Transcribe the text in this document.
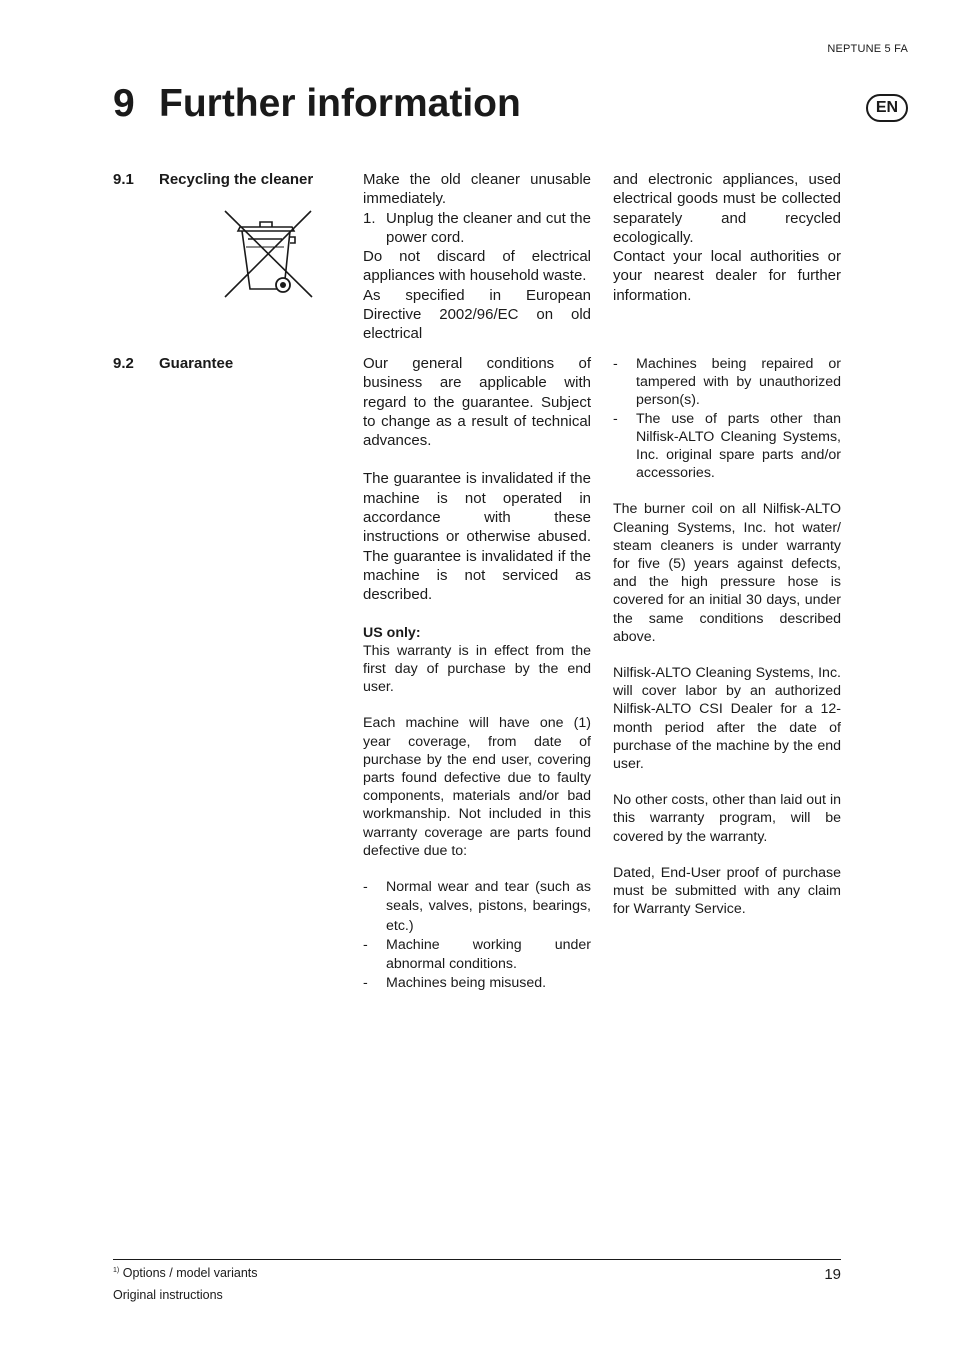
NEPTUNE 5 FA
9 Further information	EN
9.1 Recycling the cleaner	Make the old cleaner unusable immediately.

1. Unplug the cleaner and cut the power cord.

Do not discard of electrical appliances with household waste.

As specified in European Directive 2002/96/EC on old electrical

and electronic appliances, used electrical goods must be collected separately and recycled ecologically.

Contact your local authorities or your nearest dealer for further information.

9.2 Guarantee	Our general conditions of business are applicable with regard to the guarantee. Subject to change as a result of technical advances.

The guarantee is invalidated if the machine is not operated in accordance with these instructions or otherwise abused. The guarantee is invalidated if the machine is not serviced as described.

US only:

This warranty is in effect from the first day of purchase by the end user.

Each machine will have one (1) year coverage, from date of purchase by the end user, covering parts found defective due to faulty components, materials and/or bad workmanship. Not included in this warranty coverage are parts found defective due to:

- Normal wear and tear (such as seals, valves, pistons, bearings, etc.)
- Machine working under abnormal conditions.
- Machines being misused.
- Machines being repaired or tampered with by unauthorized person(s).
- The use of parts other than Nilfisk-ALTO Cleaning Systems, Inc. original spare parts and/or accessories.

The burner coil on all Nilfisk-ALTO Cleaning Systems, Inc. hot water/ steam cleaners is under warranty for five (5) years against defects, and the high pressure hose is covered for an initial 30 days, under the same conditions described above.

Nilfisk-ALTO Cleaning Systems, Inc. will cover labor by an authorized Nilfisk-ALTO CSI Dealer for a 12-month period after the date of purchase of the machine by the end user.

No other costs, other than laid out in this warranty program, will be covered by the warranty.

Dated, End-User proof of purchase must be submitted with any claim for Warranty Service.

$^{1)}$ Options / model variants
Original instructions
19
